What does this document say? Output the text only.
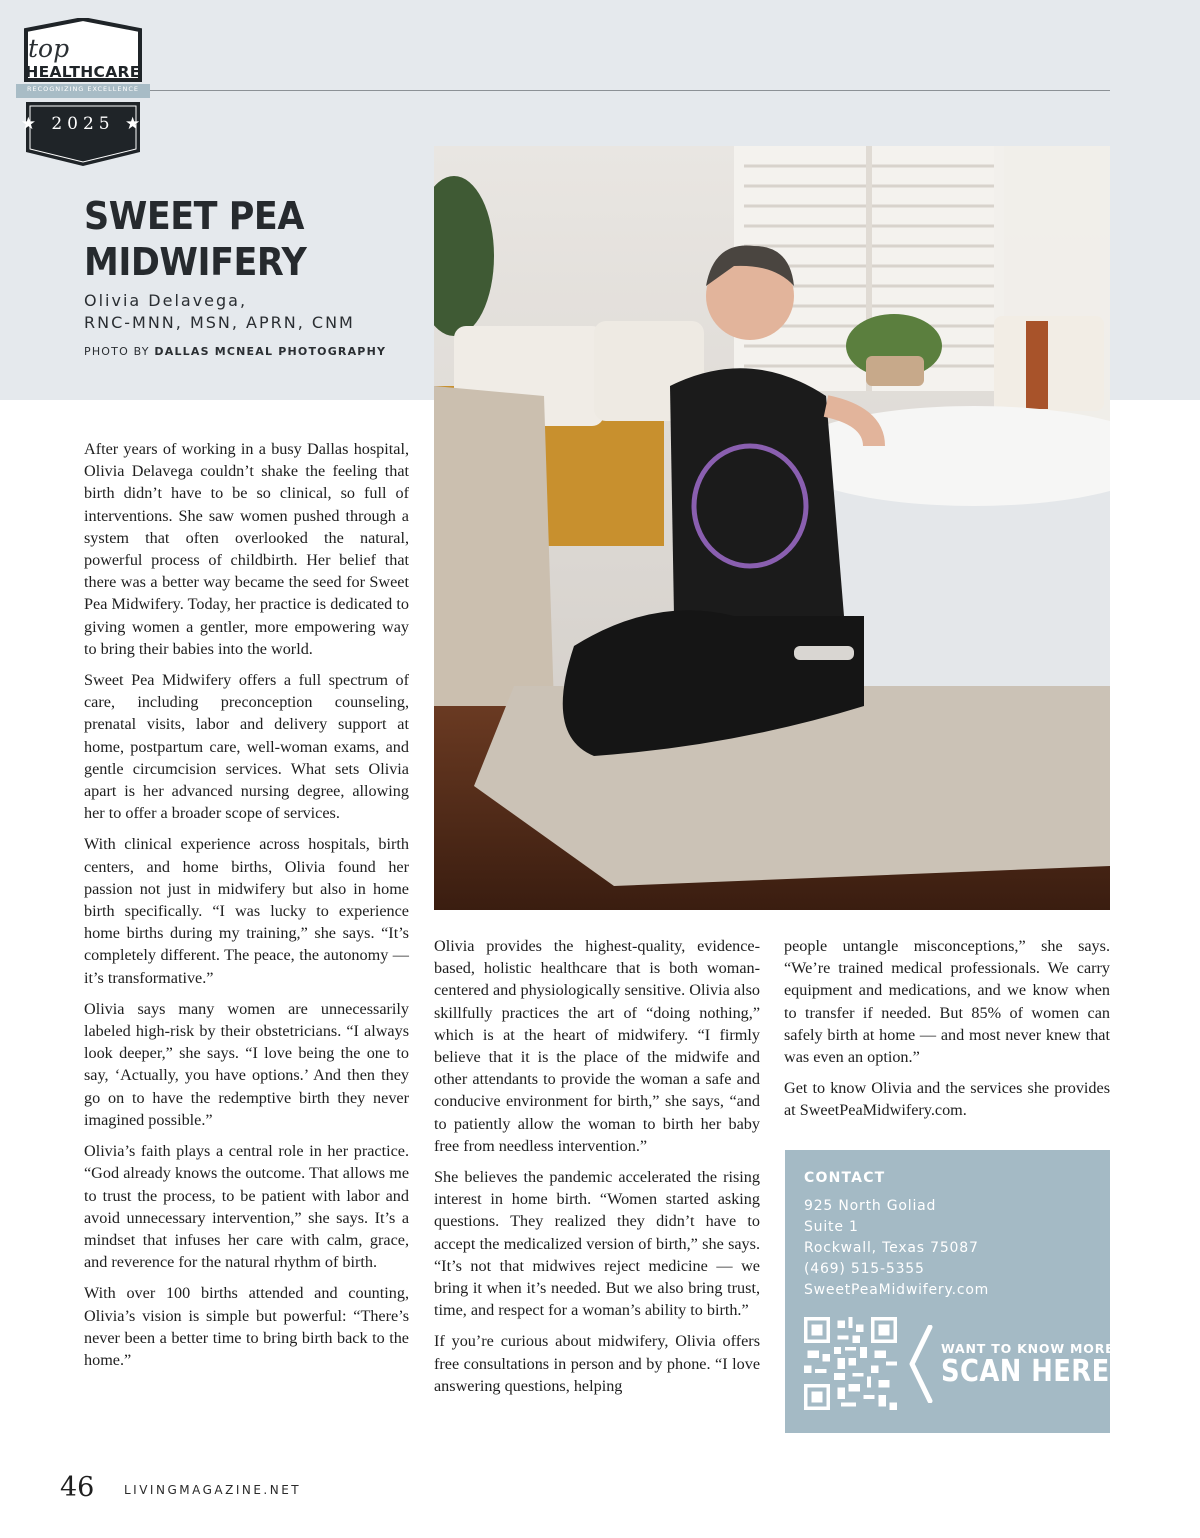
top
HEALTHCARE
RECOGNIZING EXCELLENCE
★ 2025 ★
SWEET PEA
MIDWIFERY
Olivia Delavega,
RNC-MNN, MSN, APRN, CNM
PHOTO BY DALLAS MCNEAL PHOTOGRAPHY

After years of working in a busy Dallas hospital, Olivia Delavega couldn’t shake the feeling that birth didn’t have to be so clinical, so full of interventions. She saw women pushed through a system that often overlooked the natural, powerful process of childbirth. Her belief that there was a better way became the seed for Sweet Pea Midwifery. Today, her practice is dedicated to giving women a gentler, more empowering way to bring their babies into the world.

Sweet Pea Midwifery offers a full spectrum of care, including preconception counseling, prenatal visits, labor and delivery support at home, postpartum care, well-woman exams, and gentle circumcision services. What sets Olivia apart is her advanced nursing degree, allowing her to offer a broader scope of services.

With clinical experience across hospitals, birth centers, and home births, Olivia found her passion not just in midwifery but also in home birth specifically. “I was lucky to experience home births during my training,” she says. “It’s completely different. The peace, the autonomy — it’s transformative.”

Olivia says many women are unnecessarily labeled high-risk by their obstetricians. “I always look deeper,” she says. “I love being the one to say, ‘Actually, you have options.’ And then they go on to have the redemptive birth they never imagined possible.”

Olivia’s faith plays a central role in her practice. “God already knows the outcome. That allows me to trust the process, to be patient with labor and avoid unnecessary intervention,” she says. It’s a mindset that infuses her care with calm, grace, and reverence for the natural rhythm of birth.

With over 100 births attended and counting, Olivia’s vision is simple but powerful: “There’s never been a better time to bring birth back to the home.”

Olivia provides the highest-quality, evidence-based, holistic healthcare that is both woman-centered and physiologically sensitive. Olivia also skillfully practices the art of “doing nothing,” which is at the heart of midwifery. “I firmly believe that it is the place of the midwife and other attendants to provide the woman a safe and conducive environment for birth,” she says, “and to patiently allow the woman to birth her baby free from needless intervention.”

She believes the pandemic accelerated the rising interest in home birth. “Women started asking questions. They realized they didn’t have to accept the medicalized version of birth,” she says. “It’s not that midwives reject medicine — we bring it when it’s needed. But we also bring trust, time, and respect for a woman’s ability to birth.”

If you’re curious about midwifery, Olivia offers free consultations in person and by phone. “I love answering questions, helping

people untangle misconceptions,” she says. “We’re trained medical professionals. We carry equipment and medications, and we know when to transfer if needed. But 85% of women can safely birth at home — and most never knew that was even an option.”

Get to know Olivia and the services she provides at SweetPeaMidwifery.com.

CONTACT
925 North Goliad
Suite 1
Rockwall, Texas 75087
(469) 515-5355
SweetPeaMidwifery.com
WANT TO KNOW MORE?
SCAN HERE!
46 LIVINGMAGAZINE.NET
